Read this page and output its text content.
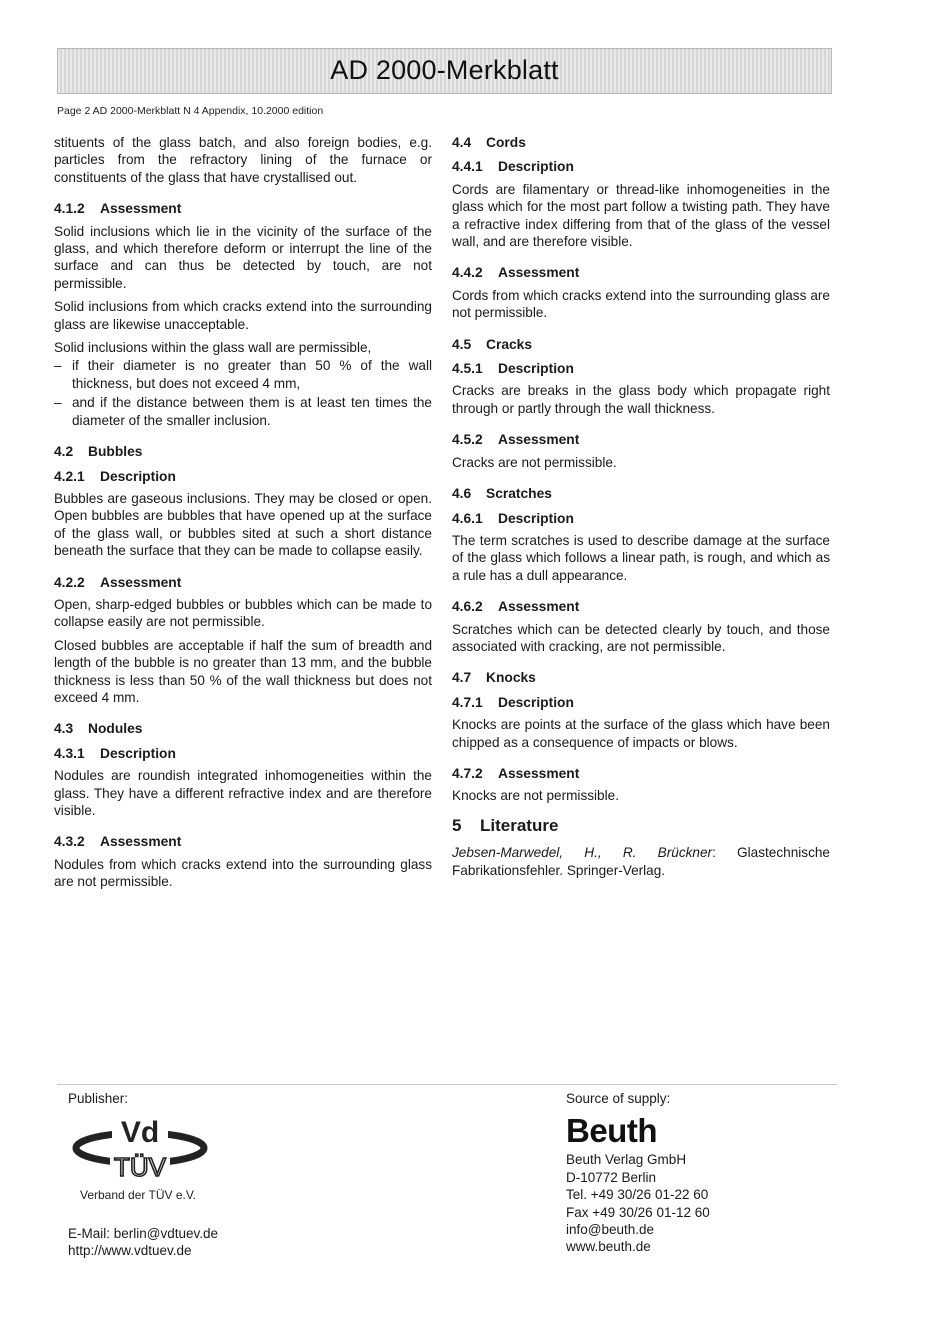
AD 2000-Merkblatt
Page 2 AD 2000-Merkblatt N 4 Appendix, 10.2000 edition

stituents of the glass batch, and also foreign bodies, e.g. particles from the refractory lining of the furnace or constituents of the glass that have crystallised out.

4.1.2 Assessment

Solid inclusions which lie in the vicinity of the surface of the glass, and which therefore deform or interrupt the line of the surface and can thus be detected by touch, are not permissible.

Solid inclusions from which cracks extend into the surrounding glass are likewise unacceptable.

Solid inclusions within the glass wall are permissible,

– if their diameter is no greater than 50 % of the wall thickness, but does not exceed 4 mm,
– and if the distance between them is at least ten times the diameter of the smaller inclusion.
4.2 Bubbles
4.2.1 Description

Bubbles are gaseous inclusions. They may be closed or open. Open bubbles are bubbles that have opened up at the surface of the glass wall, or bubbles sited at such a short distance beneath the surface that they can be made to collapse easily.

4.2.2 Assessment

Open, sharp-edged bubbles or bubbles which can be made to collapse easily are not permissible.

Closed bubbles are acceptable if half the sum of breadth and length of the bubble is no greater than 13 mm, and the bubble thickness is less than 50 % of the wall thickness but does not exceed 4 mm.

4.3 Nodules
4.3.1 Description

Nodules are roundish integrated inhomogeneities within the glass. They have a different refractive index and are therefore visible.

4.3.2 Assessment

Nodules from which cracks extend into the surrounding glass are not permissible.

4.4 Cords
4.4.1 Description

Cords are filamentary or thread-like inhomogeneities in the glass which for the most part follow a twisting path. They have a refractive index differing from that of the glass of the vessel wall, and are therefore visible.

4.4.2 Assessment

Cords from which cracks extend into the surrounding glass are not permissible.

4.5 Cracks
4.5.1 Description

Cracks are breaks in the glass body which propagate right through or partly through the wall thickness.

4.5.2 Assessment

Cracks are not permissible.

4.6 Scratches
4.6.1 Description

The term scratches is used to describe damage at the surface of the glass which follows a linear path, is rough, and which as a rule has a dull appearance.

4.6.2 Assessment

Scratches which can be detected clearly by touch, and those associated with cracking, are not permissible.

4.7 Knocks
4.7.1 Description

Knocks are points at the surface of the glass which have been chipped as a consequence of impacts or blows.

4.7.2 Assessment

Knocks are not permissible.

5 Literature

Jebsen-Marwedel, H., R. Brückner: Glastechnische Fabrikationsfehler. Springer-Verlag.

Publisher:
Vd
TÜV
Verband der TÜV e.V.
E-Mail: berlin@vdtuev.de
http://www.vdtuev.de
Source of supply:
Beuth
Beuth Verlag GmbH
D-10772 Berlin
Tel. +49 30/26 01-22 60
Fax +49 30/26 01-12 60
info@beuth.de
www.beuth.de
